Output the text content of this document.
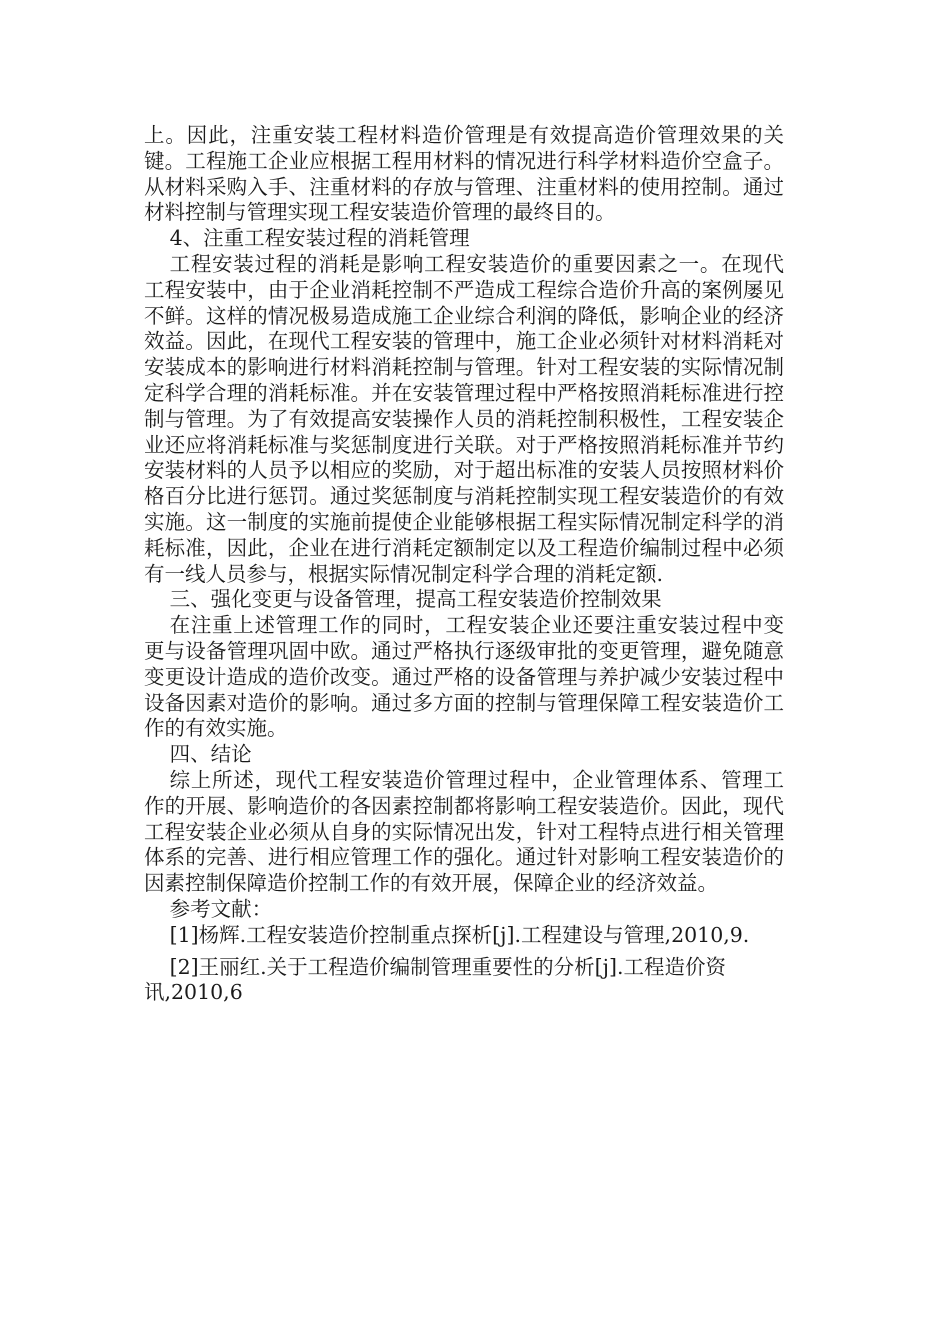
上。因此，注重安装工程材料造价管理是有效提高造价管理效果的关键。工程施工企业应根据工程用材料的情况进行科学材料造价空盒子。从材料采购入手、注重材料的存放与管理、注重材料的使用控制。通过材料控制与管理实现工程安装造价管理的最终目的。

4、注重工程安装过程的消耗管理

工程安装过程的消耗是影响工程安装造价的重要因素之一。在现代工程安装中，由于企业消耗控制不严造成工程综合造价升高的案例屡见不鲜。这样的情况极易造成施工企业综合利润的降低，影响企业的经济效益。因此，在现代工程安装的管理中，施工企业必须针对材料消耗对安装成本的影响进行材料消耗控制与管理。针对工程安装的实际情况制定科学合理的消耗标准。并在安装管理过程中严格按照消耗标准进行控制与管理。为了有效提高安装操作人员的消耗控制积极性，工程安装企业还应将消耗标准与奖惩制度进行关联。对于严格按照消耗标准并节约安装材料的人员予以相应的奖励，对于超出标准的安装人员按照材料价格百分比进行惩罚。通过奖惩制度与消耗控制实现工程安装造价的有效实施。这一制度的实施前提使企业能够根据工程实际情况制定科学的消耗标准，因此，企业在进行消耗定额制定以及工程造价编制过程中必须有一线人员参与，根据实际情况制定科学合理的消耗定额.

三、强化变更与设备管理，提高工程安装造价控制效果

在注重上述管理工作的同时，工程安装企业还要注重安装过程中变更与设备管理巩固中欧。通过严格执行逐级审批的变更管理，避免随意变更设计造成的造价改变。通过严格的设备管理与养护减少安装过程中设备因素对造价的影响。通过多方面的控制与管理保障工程安装造价工作的有效实施。

四、结论

综上所述，现代工程安装造价管理过程中，企业管理体系、管理工作的开展、影响造价的各因素控制都将影响工程安装造价。因此，现代工程安装企业必须从自身的实际情况出发，针对工程特点进行相关管理体系的完善、进行相应管理工作的强化。通过针对影响工程安装造价的因素控制保障造价控制工作的有效开展，保障企业的经济效益。

参考文献：

[1]杨辉.工程安装造价控制重点探析[j].工程建设与管理,2010,9.

[2]王丽红.关于工程造价编制管理重要性的分析[j].工程造价资讯,2010,6
